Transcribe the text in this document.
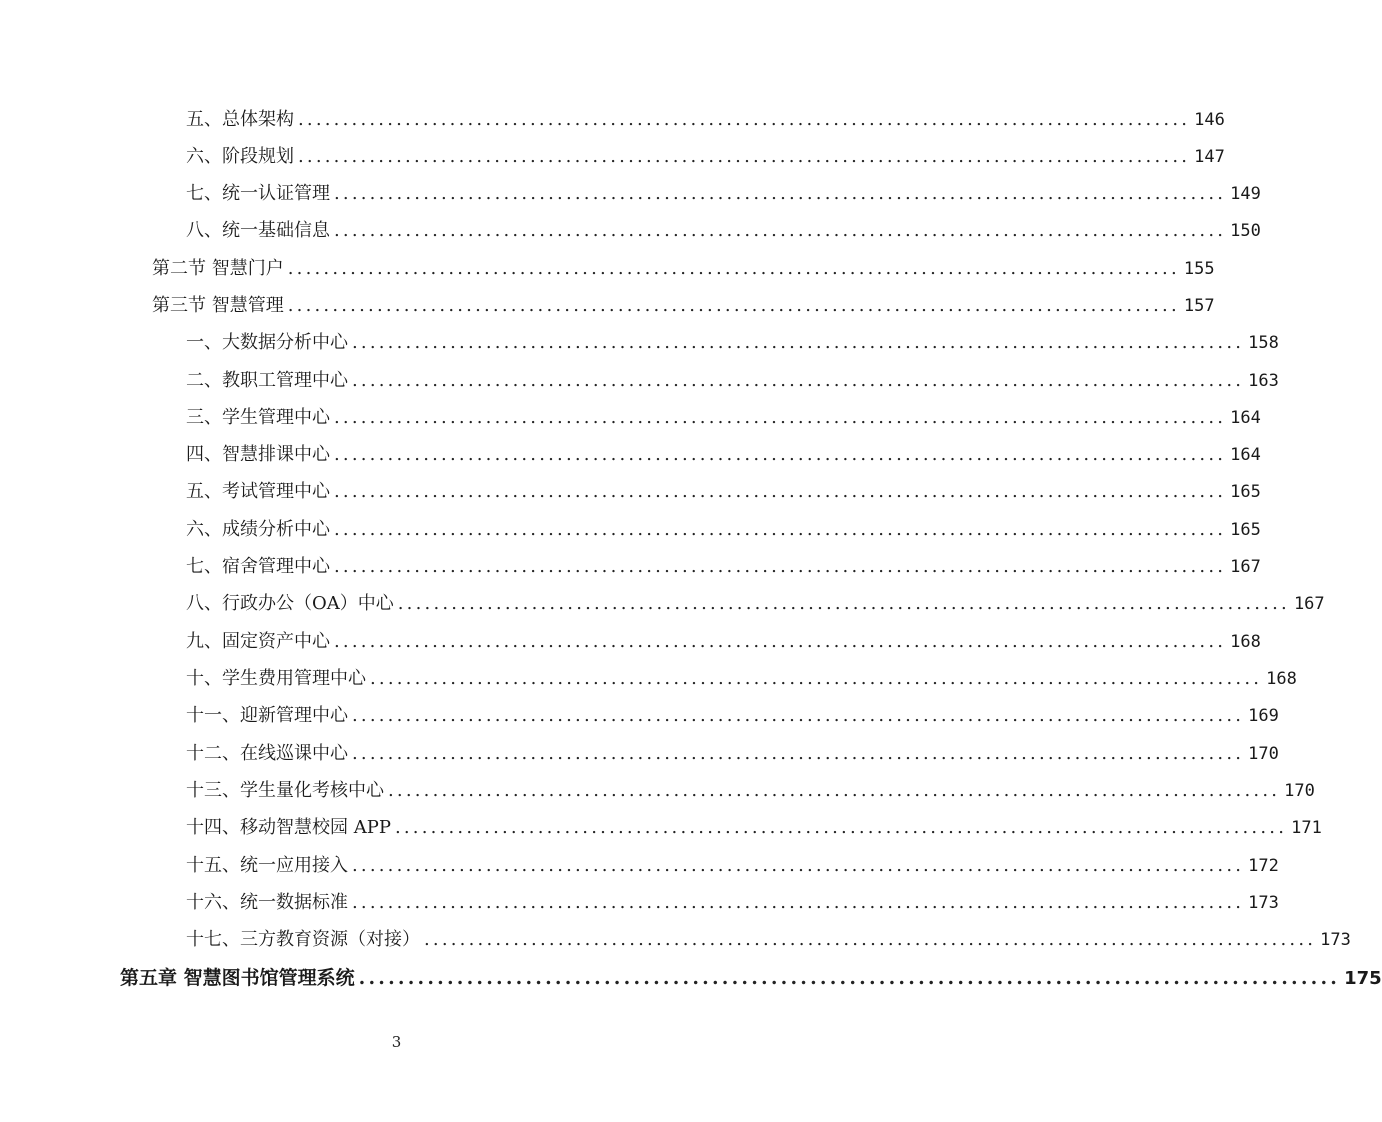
五、总体架构 .................................................................................................... 146
六、阶段规划 .................................................................................................... 147
七、统一认证管理 .................................................................................................... 149
八、统一基础信息 .................................................................................................... 150
第二节 智慧门户 .................................................................................................... 155
第三节 智慧管理 .................................................................................................... 157
一、大数据分析中心 .................................................................................................... 158
二、教职工管理中心 .................................................................................................... 163
三、学生管理中心 .................................................................................................... 164
四、智慧排课中心 .................................................................................................... 164
五、考试管理中心 .................................................................................................... 165
六、成绩分析中心 .................................................................................................... 165
七、宿舍管理中心 .................................................................................................... 167
八、行政办公（OA）中心 .................................................................................................... 167
九、固定资产中心 .................................................................................................... 168
十、学生费用管理中心 .................................................................................................... 168
十一、迎新管理中心 .................................................................................................... 169
十二、在线巡课中心 .................................................................................................... 170
十三、学生量化考核中心 .................................................................................................... 170
十四、移动智慧校园 APP .................................................................................................... 171
十五、统一应用接入 .................................................................................................... 172
十六、统一数据标准 .................................................................................................... 173
十七、三方教育资源（对接） .................................................................................................... 173
第五章 智慧图书馆管理系统 .................................................................................................... 175
3
